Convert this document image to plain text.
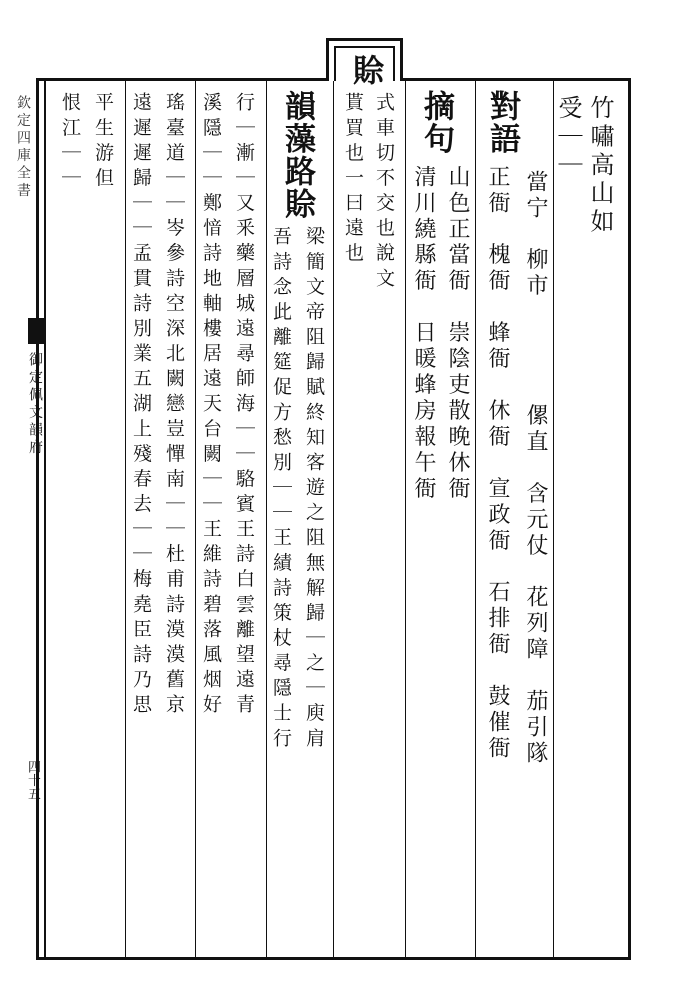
欽定四庫全書
御定佩文韻府
四十五
賒
竹嘯高山如
受｜｜
對語
當宁　柳市　　　　傫直　含元仗　花列障　茄引隊
正衙　槐衙　蜂衙　休衙　宣政衙　石排衙　鼓催衙
摘句
山色正當衙　崇陰吏散晚休衙
清川繞縣衙　日暖蜂房報午衙
式車切不交也說文
貰買也一曰遠也
韻藻路賒
梁簡文帝阻歸賦終知客遊之阻無解歸｜之｜庾肩
吾詩念此離筵促方愁別｜｜王績詩策杖尋隱士行
行｜漸｜又釆藥層城遠尋師海｜｜駱賓王詩白雲離望遠青
溪隱｜｜鄭愔詩地軸樓居遠天台闕｜｜王維詩碧落風烟好
瑤臺道｜｜岑參詩空深北闕戀豈憚南｜｜杜甫詩漠漠舊京
遠遲遲歸｜｜孟貫詩別業五湖上殘春去｜｜梅堯臣詩乃思
平生游但
恨江｜｜
